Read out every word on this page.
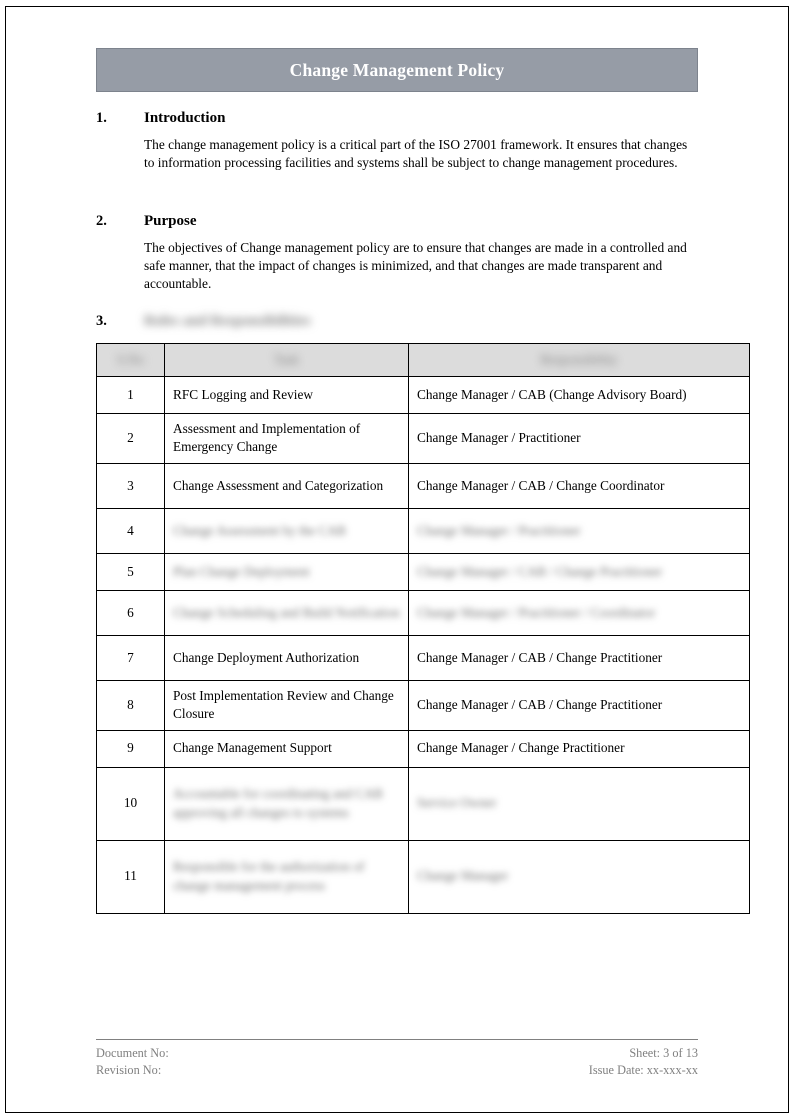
Change Management Policy
1.	Introduction
The change management policy is a critical part of the ISO 27001 framework. It ensures that changes to information processing facilities and systems shall be subject to change management procedures.
2.	Purpose
The objectives of Change management policy are to ensure that changes are made in a controlled and safe manner, that the impact of changes is minimized, and that changes are made transparent and accountable.
3.	Roles and Responsibilities
S.No	Task	Responsibility
1	RFC Logging and Review	Change Manager / CAB (Change Advisory Board)
2	Assessment and Implementation of Emergency Change	Change Manager / Practitioner
3	Change Assessment and Categorization	Change Manager / CAB / Change Coordinator
4	Change Assessment by the CAB	Change Manager / Practitioner
5	Plan Change Deployment	Change Manager / CAB / Change Practitioner
6	Change Scheduling and Build Notification	Change Manager / Practitioner / Coordinator
7	Change Deployment Authorization	Change Manager / CAB / Change Practitioner
8	Post Implementation Review and Change Closure	Change Manager / CAB / Change Practitioner
9	Change Management Support	Change Manager / Change Practitioner
10	Accountable for coordinating and CAB approving all changes to systems	Service Owner
11	Responsible for the authorization of change management process	Change Manager
Document No:	Sheet: 3 of 13
Revision No:	Issue Date: xx-xxx-xx
